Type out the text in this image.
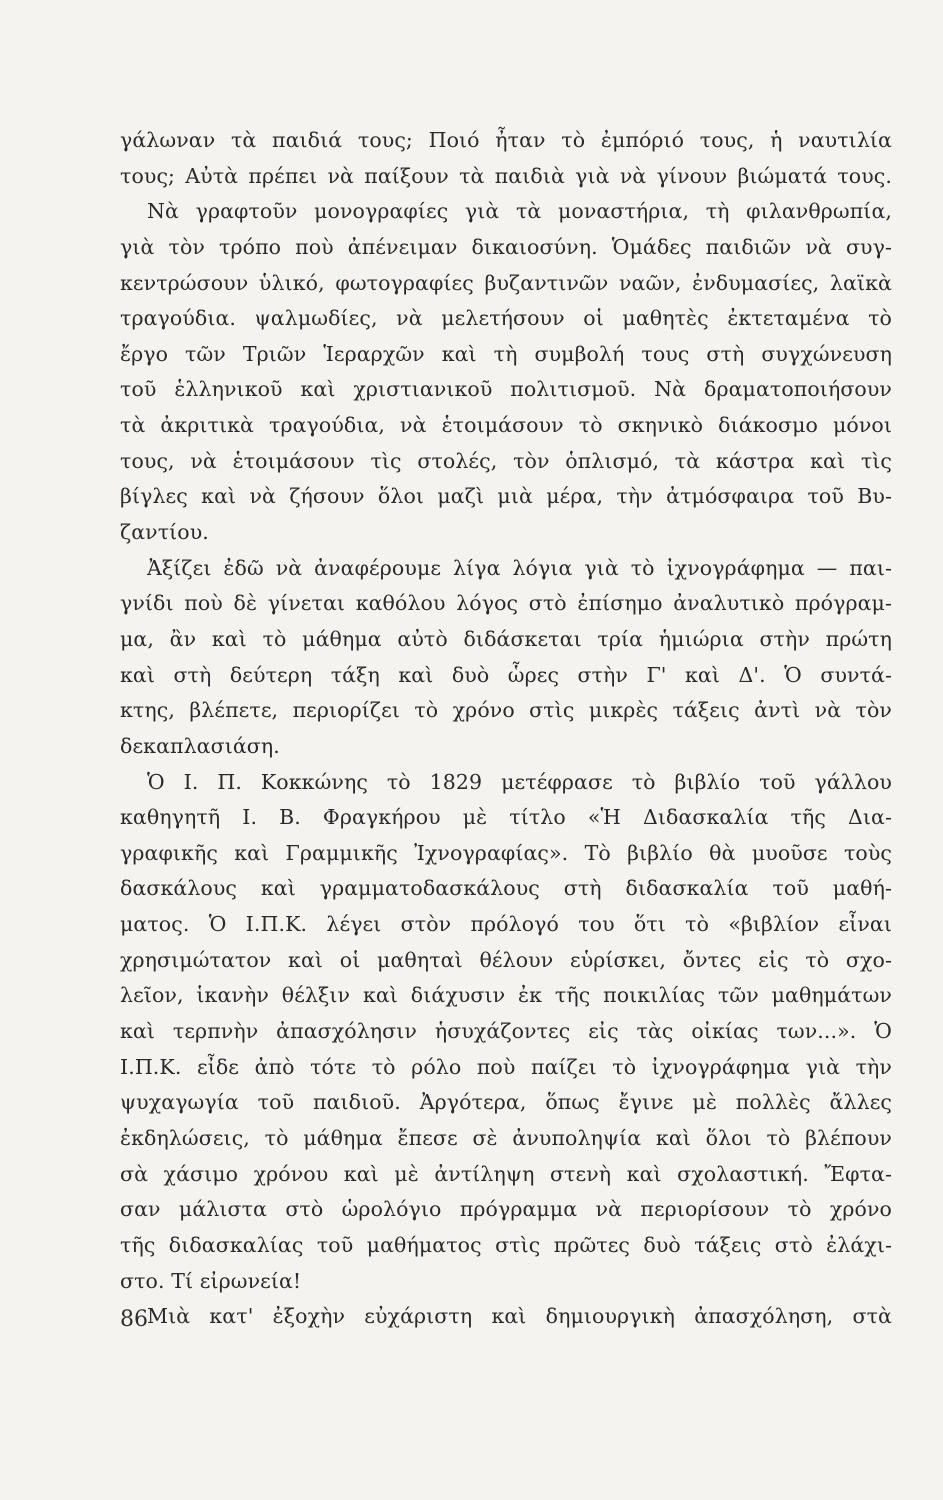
γάλωναν τὰ παιδιά τους; Ποιό ἦταν τὸ ἐμπόριό τους, ἡ ναυτιλία
τους; Αὐτὰ πρέπει νὰ παίξουν τὰ παιδιὰ γιὰ νὰ γίνουν βιώματά τους.
Νὰ γραφτοῦν μονογραφίες γιὰ τὰ μοναστήρια, τὴ φιλανθρωπία,
γιὰ τὸν τρόπο ποὺ ἀπένειμαν δικαιοσύνη. Ὁμάδες παιδιῶν νὰ συγ-
κεντρώσουν ὑλικό, φωτογραφίες βυζαντινῶν ναῶν, ἐνδυμασίες, λαϊκὰ
τραγούδια. ψαλμωδίες, νὰ μελετήσουν οἱ μαθητὲς ἐκτεταμένα τὸ
ἔργο τῶν Τριῶν Ἱεραρχῶν καὶ τὴ συμβολή τους στὴ συγχώνευση
τοῦ ἑλληνικοῦ καὶ χριστιανικοῦ πολιτισμοῦ. Νὰ δραματοποιήσουν
τὰ ἀκριτικὰ τραγούδια, νὰ ἑτοιμάσουν τὸ σκηνικὸ διάκοσμο μόνοι
τους, νὰ ἑτοιμάσουν τὶς στολές, τὸν ὁπλισμό, τὰ κάστρα καὶ τὶς
βίγλες καὶ νὰ ζήσουν ὅλοι μαζὶ μιὰ μέρα, τὴν ἀτμόσφαιρα τοῦ Βυ-
ζαντίου.
Ἀξίζει ἐδῶ νὰ ἀναφέρουμε λίγα λόγια γιὰ τὸ ἰχνογράφημα — παι-
γνίδι ποὺ δὲ γίνεται καθόλου λόγος στὸ ἐπίσημο ἀναλυτικὸ πρόγραμ-
μα, ἂν καὶ τὸ μάθημα αὐτὸ διδάσκεται τρία ἡμιώρια στὴν πρώτη
καὶ στὴ δεύτερη τάξη καὶ δυὸ ὧρες στὴν Γ' καὶ Δ'. Ὁ συντά-
κτης, βλέπετε, περιορίζει τὸ χρόνο στὶς μικρὲς τάξεις ἀντὶ νὰ τὸν
δεκαπλασιάση.
Ὁ Ι. Π. Κοκκώνης τὸ 1829 μετέφρασε τὸ βιβλίο τοῦ γάλλου
καθηγητῆ Ι. Β. Φραγκήρου μὲ τίτλο «Ἡ Διδασκαλία τῆς Δια-
γραφικῆς καὶ Γραμμικῆς Ἰχνογραφίας». Τὸ βιβλίο θὰ μυοῦσε τοὺς
δασκάλους καὶ γραμματοδασκάλους στὴ διδασκαλία τοῦ μαθή-
ματος. Ὁ Ι.Π.Κ. λέγει στὸν πρόλογό του ὅτι τὸ «βιβλίον εἶναι
χρησιμώτατον καὶ οἱ μαθηταὶ θέλουν εὑρίσκει, ὄντες εἰς τὸ σχο-
λεῖον, ἱκανὴν θέλξιν καὶ διάχυσιν ἐκ τῆς ποικιλίας τῶν μαθημάτων
καὶ τερπνὴν ἀπασχόλησιν ἡσυχάζοντες εἰς τὰς οἰκίας των...». Ὁ
Ι.Π.Κ. εἶδε ἀπὸ τότε τὸ ρόλο ποὺ παίζει τὸ ἰχνογράφημα γιὰ τὴν
ψυχαγωγία τοῦ παιδιοῦ. Ἀργότερα, ὅπως ἔγινε μὲ πολλὲς ἄλλες
ἐκδηλώσεις, τὸ μάθημα ἔπεσε σὲ ἀνυποληψία καὶ ὅλοι τὸ βλέπουν
σὰ χάσιμο χρόνου καὶ μὲ ἀντίληψη στενὴ καὶ σχολαστική. Ἔφτα-
σαν μάλιστα στὸ ὡρολόγιο πρόγραμμα νὰ περιορίσουν τὸ χρόνο
τῆς διδασκαλίας τοῦ μαθήματος στὶς πρῶτες δυὸ τάξεις στὸ ἐλάχι-
στο. Τί εἰρωνεία!
Μιὰ κατ' ἐξοχὴν εὐχάριστη καὶ δημιουργικὴ ἀπασχόληση, στὰ
86
